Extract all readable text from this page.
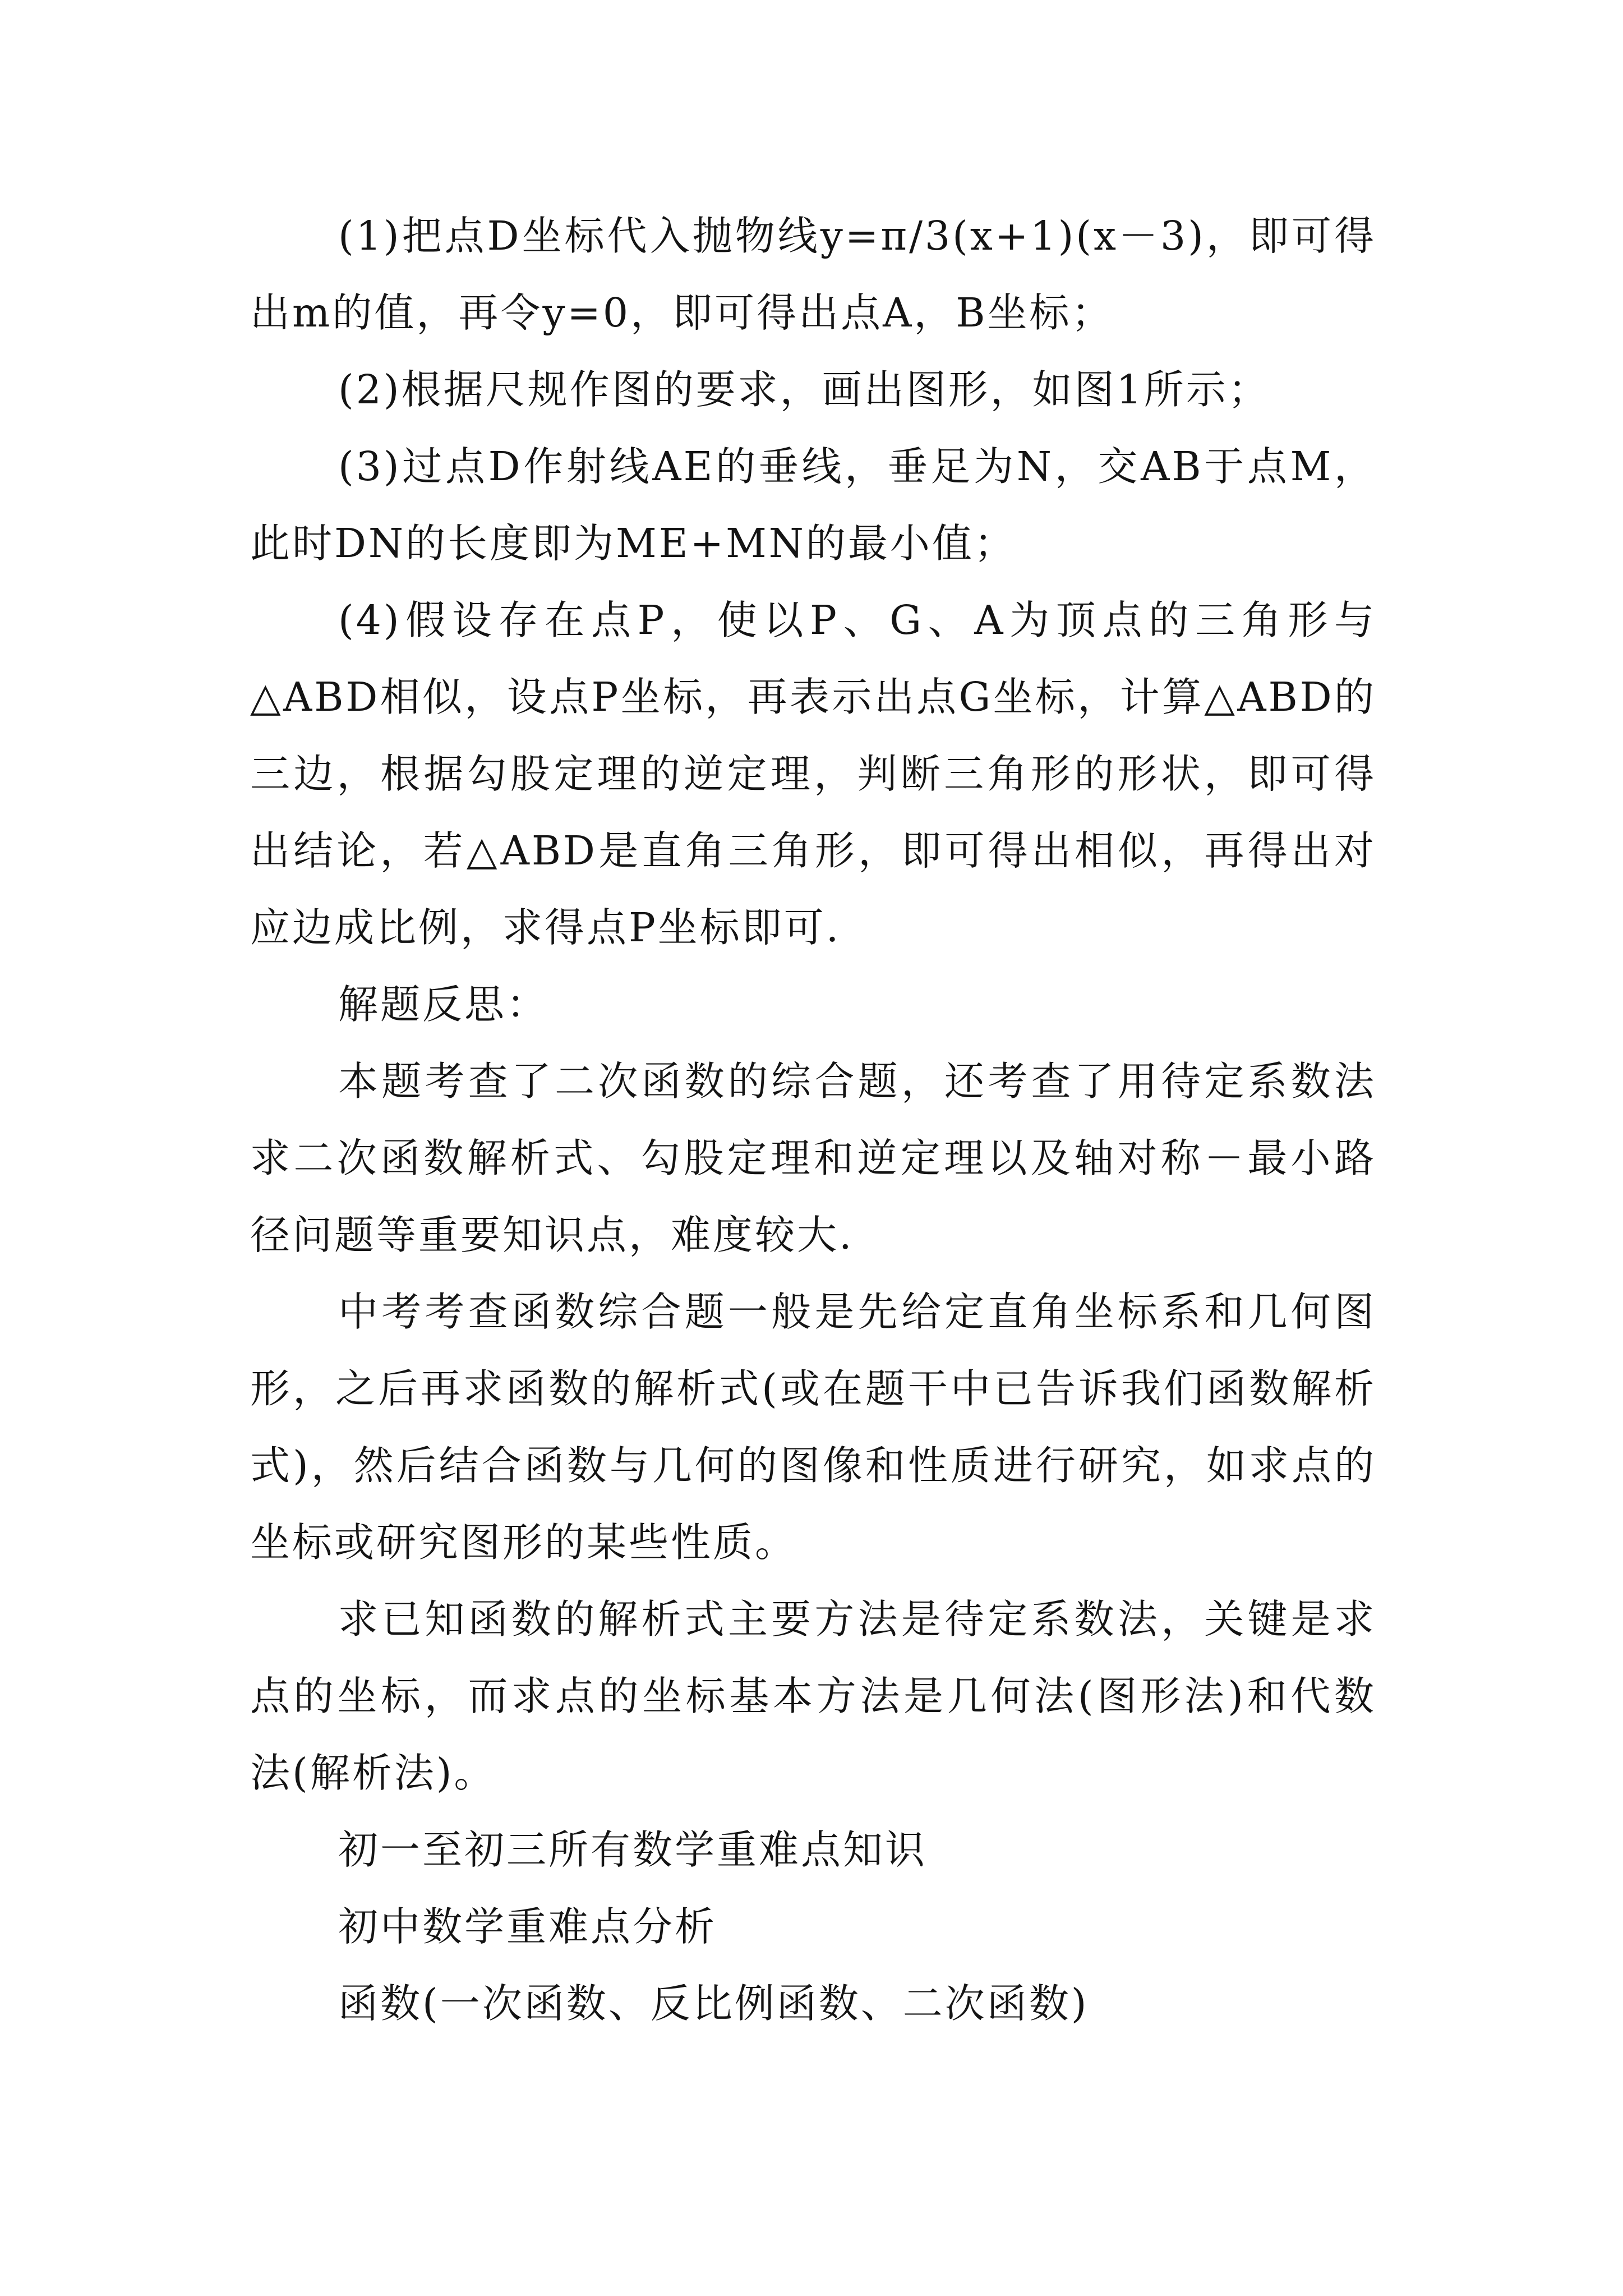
(1)把点D坐标代入抛物线y=π/3(x+1)(x－3)，即可得出m的值，再令y=0，即可得出点A，B坐标；

(2)根据尺规作图的要求，画出图形，如图1所示；

(3)过点D作射线AE的垂线，垂足为N，交AB于点M，此时DN的长度即为ME+MN的最小值；

(4)假设存在点P，使以P、G、A为顶点的三角形与△ABD相似，设点P坐标，再表示出点G坐标，计算△ABD的三边，根据勾股定理的逆定理，判断三角形的形状，即可得出结论，若△ABD是直角三角形，即可得出相似，再得出对应边成比例，求得点P坐标即可.

解题反思：

本题考查了二次函数的综合题，还考查了用待定系数法求二次函数解析式、勾股定理和逆定理以及轴对称－最小路径问题等重要知识点，难度较大.

中考考查函数综合题一般是先给定直角坐标系和几何图形，之后再求函数的解析式(或在题干中已告诉我们函数解析式)，然后结合函数与几何的图像和性质进行研究，如求点的坐标或研究图形的某些性质。

求已知函数的解析式主要方法是待定系数法，关键是求点的坐标，而求点的坐标基本方法是几何法(图形法)和代数法(解析法)。

初一至初三所有数学重难点知识

初中数学重难点分析

函数(一次函数、反比例函数、二次函数)
